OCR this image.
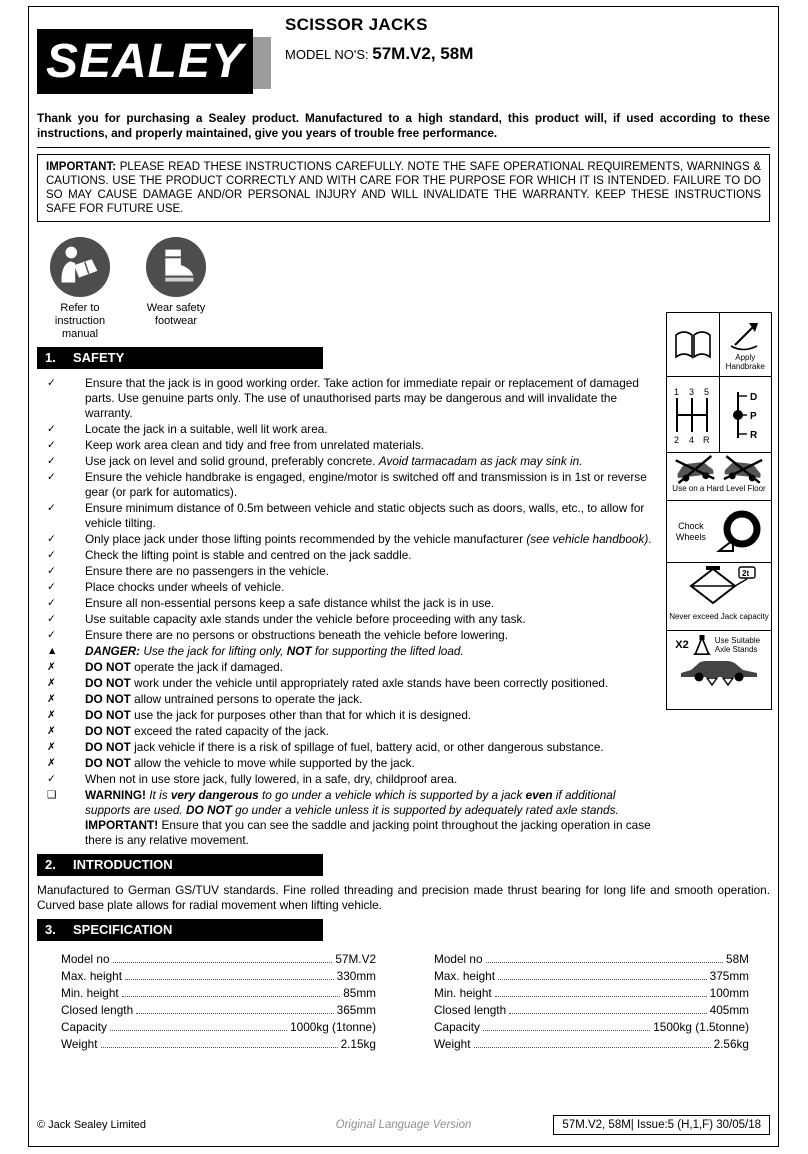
SEALEY
SCISSOR JACKS
MODEL NO'S: 57M.V2, 58M
Thank you for purchasing a Sealey product. Manufactured to a high standard, this product will, if used according to these instructions, and properly maintained, give you years of trouble free performance.
IMPORTANT: PLEASE READ THESE INSTRUCTIONS CAREFULLY. NOTE THE SAFE OPERATIONAL REQUIREMENTS, WARNINGS & CAUTIONS. USE THE PRODUCT CORRECTLY AND WITH CARE FOR THE PURPOSE FOR WHICH IT IS INTENDED. FAILURE TO DO SO MAY CAUSE DAMAGE AND/OR PERSONAL INJURY AND WILL INVALIDATE THE WARRANTY. KEEP THESE INSTRUCTIONS SAFE FOR FUTURE USE.
Refer to instruction manual
Wear safety footwear
1.	SAFETY
✓	Ensure that the jack is in good working order. Take action for immediate repair or replacement of damaged parts. Use genuine parts only. The use of unauthorised parts may be dangerous and will invalidate the warranty.
✓	Locate the jack in a suitable, well lit work area.
✓	Keep work area clean and tidy and free from unrelated materials.
✓	Use jack on level and solid ground, preferably concrete. Avoid tarmacadam as jack may sink in.
✓	Ensure the vehicle handbrake is engaged, engine/motor is switched off and transmission is in 1st or reverse gear (or park for automatics).
✓	Ensure minimum distance of 0.5m between vehicle and static objects such as doors, walls, etc., to allow for vehicle tilting.
✓	Only place jack under those lifting points recommended by the vehicle manufacturer (see vehicle handbook).
✓	Check the lifting point is stable and centred on the jack saddle.
✓	Ensure there are no passengers in the vehicle.
✓	Place chocks under wheels of vehicle.
✓	Ensure all non-essential persons keep a safe distance whilst the jack is in use.
✓	Use suitable capacity axle stands under the vehicle before proceeding with any task.
✓	Ensure there are no persons or obstructions beneath the vehicle before lowering.
▲	DANGER: Use the jack for lifting only, NOT for supporting the lifted load.
✗	DO NOT operate the jack if damaged.
✗	DO NOT work under the vehicle until appropriately rated axle stands have been correctly positioned.
✗	DO NOT allow untrained persons to operate the jack.
✗	DO NOT use the jack for purposes other than that for which it is designed.
✗	DO NOT exceed the rated capacity of the jack.
✗	DO NOT jack vehicle if there is a risk of spillage of fuel, battery acid, or other dangerous substance.
✗	DO NOT allow the vehicle to move while supported by the jack.
✓	When not in use store jack, fully lowered, in a safe, dry, childproof area.
❑	WARNING! It is very dangerous to go under a vehicle which is supported by a jack even if additional supports are used. DO NOT go under a vehicle unless it is supported by adequately rated axle stands.
IMPORTANT! Ensure that you can see the saddle and jacking point throughout the jacking operation in case there is any relative movement.
Apply Handbrake
1 3 5
2 4 R
D
P
R
Use on a Hard Level Floor
Chock Wheels
2t
Never exceed Jack capacity
X2	Use Suitable Axle Stands
2.	INTRODUCTION
Manufactured to German GS/TUV standards. Fine rolled threading and precision made thrust bearing for long life and smooth operation. Curved base plate allows for radial movement when lifting vehicle.
3.	SPECIFICATION
Model no	57M.V2
Max. height	330mm
Min. height	85mm
Closed length	365mm
Capacity	1000kg (1tonne)
Weight	2.15kg
Model no	58M
Max. height	375mm
Min. height	100mm
Closed length	405mm
Capacity	1500kg (1.5tonne)
Weight	2.56kg
© Jack Sealey Limited	Original Language Version	57M.V2, 58M| Issue:5 (H,1,F) 30/05/18
